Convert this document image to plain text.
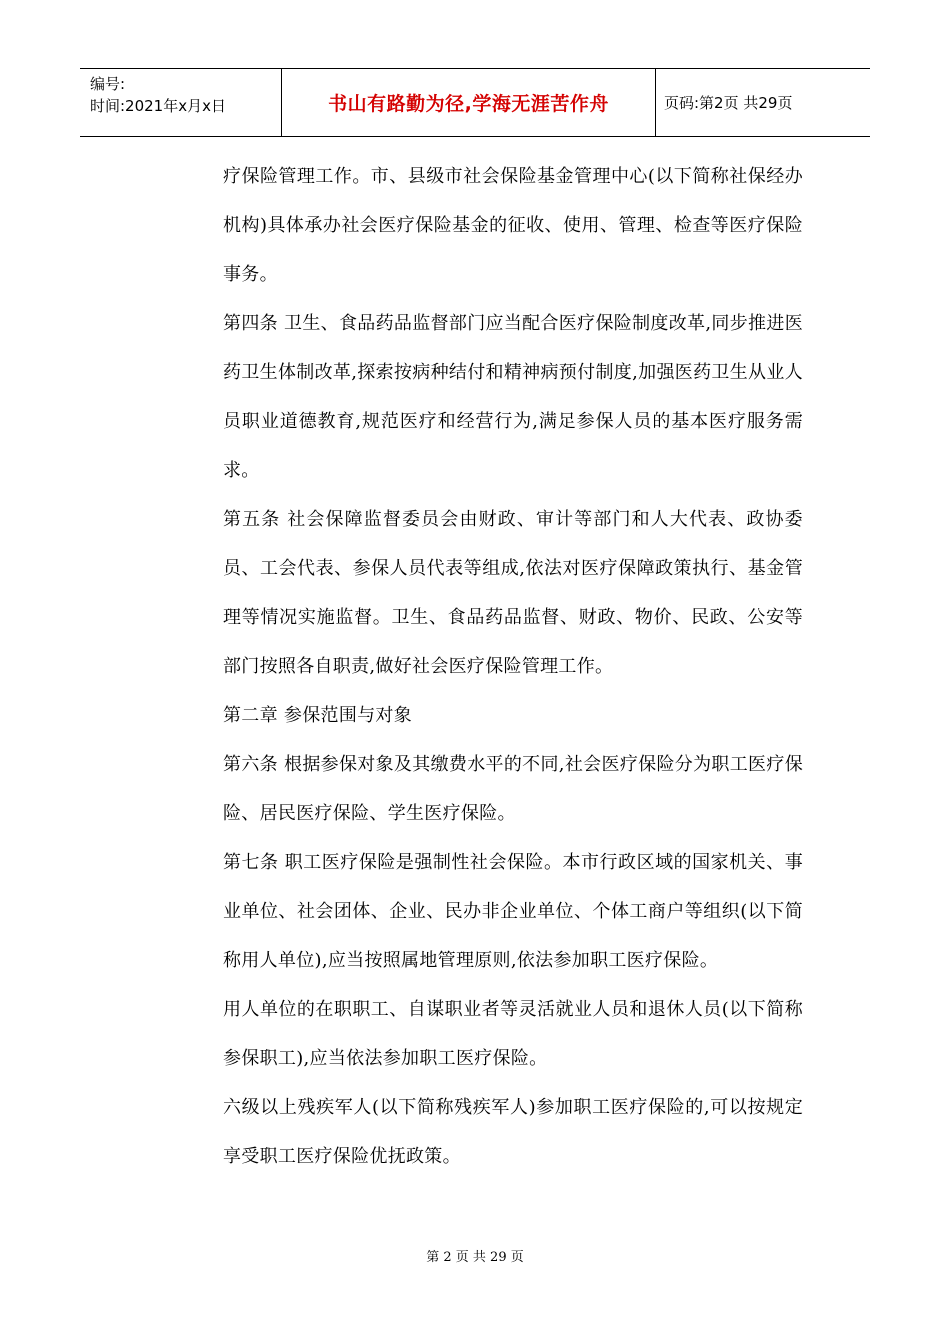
编号:
时间:2021年x月x日	书山有路勤为径,学海无涯苦作舟	页码:第2页 共29页

疗保险管理工作。市、县级市社会保险基金管理中心(以下简称社保经办机构)具体承办社会医疗保险基金的征收、使用、管理、检查等医疗保险事务。

第四条 卫生、食品药品监督部门应当配合医疗保险制度改革,同步推进医药卫生体制改革,探索按病种结付和精神病预付制度,加强医药卫生从业人员职业道德教育,规范医疗和经营行为,满足参保人员的基本医疗服务需求。

第五条 社会保障监督委员会由财政、审计等部门和人大代表、政协委员、工会代表、参保人员代表等组成,依法对医疗保障政策执行、基金管理等情况实施监督。卫生、食品药品监督、财政、物价、民政、公安等部门按照各自职责,做好社会医疗保险管理工作。

第二章 参保范围与对象

第六条 根据参保对象及其缴费水平的不同,社会医疗保险分为职工医疗保险、居民医疗保险、学生医疗保险。

第七条 职工医疗保险是强制性社会保险。本市行政区域的国家机关、事业单位、社会团体、企业、民办非企业单位、个体工商户等组织(以下简称用人单位),应当按照属地管理原则,依法参加职工医疗保险。

用人单位的在职职工、自谋职业者等灵活就业人员和退休人员(以下简称参保职工),应当依法参加职工医疗保险。

六级以上残疾军人(以下简称残疾军人)参加职工医疗保险的,可以按规定享受职工医疗保险优抚政策。

第 2 页 共 29 页
